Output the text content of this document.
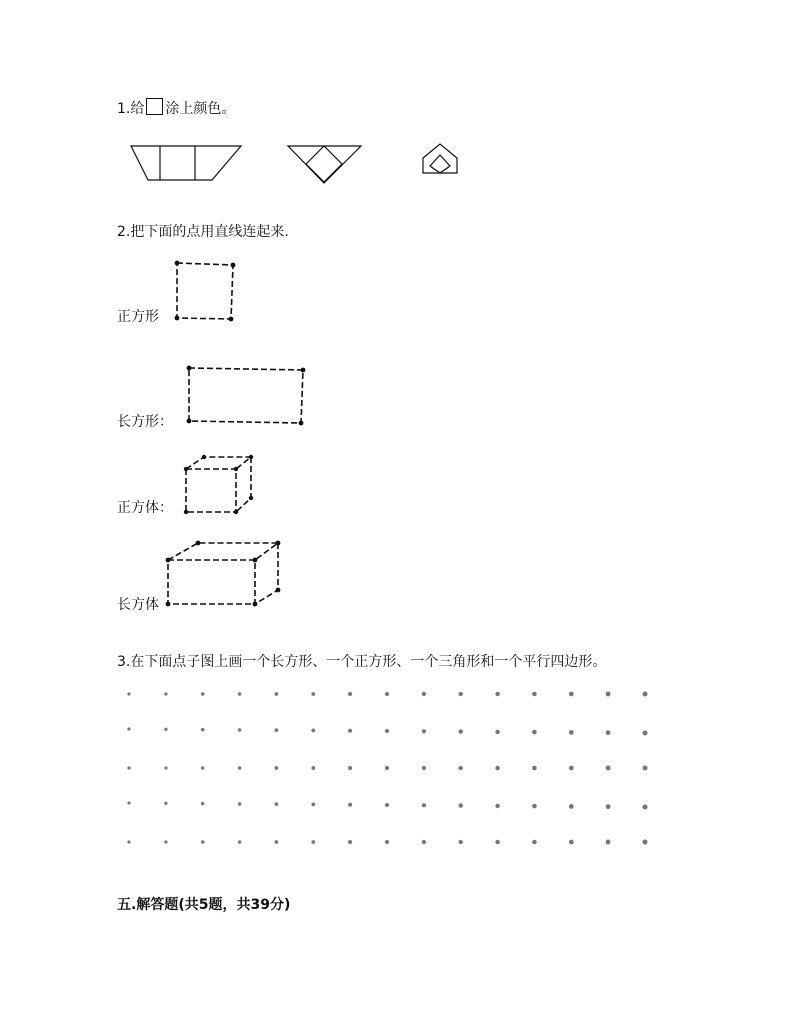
1.给 涂上颜色。
2.把下面的点用直线连起来.
正方形
长方形：
正方体：
长方体
3.在下面点子图上画一个长方形、一个正方形、一个三角形和一个平行四边形。
五.解答题(共5题，共39分)
